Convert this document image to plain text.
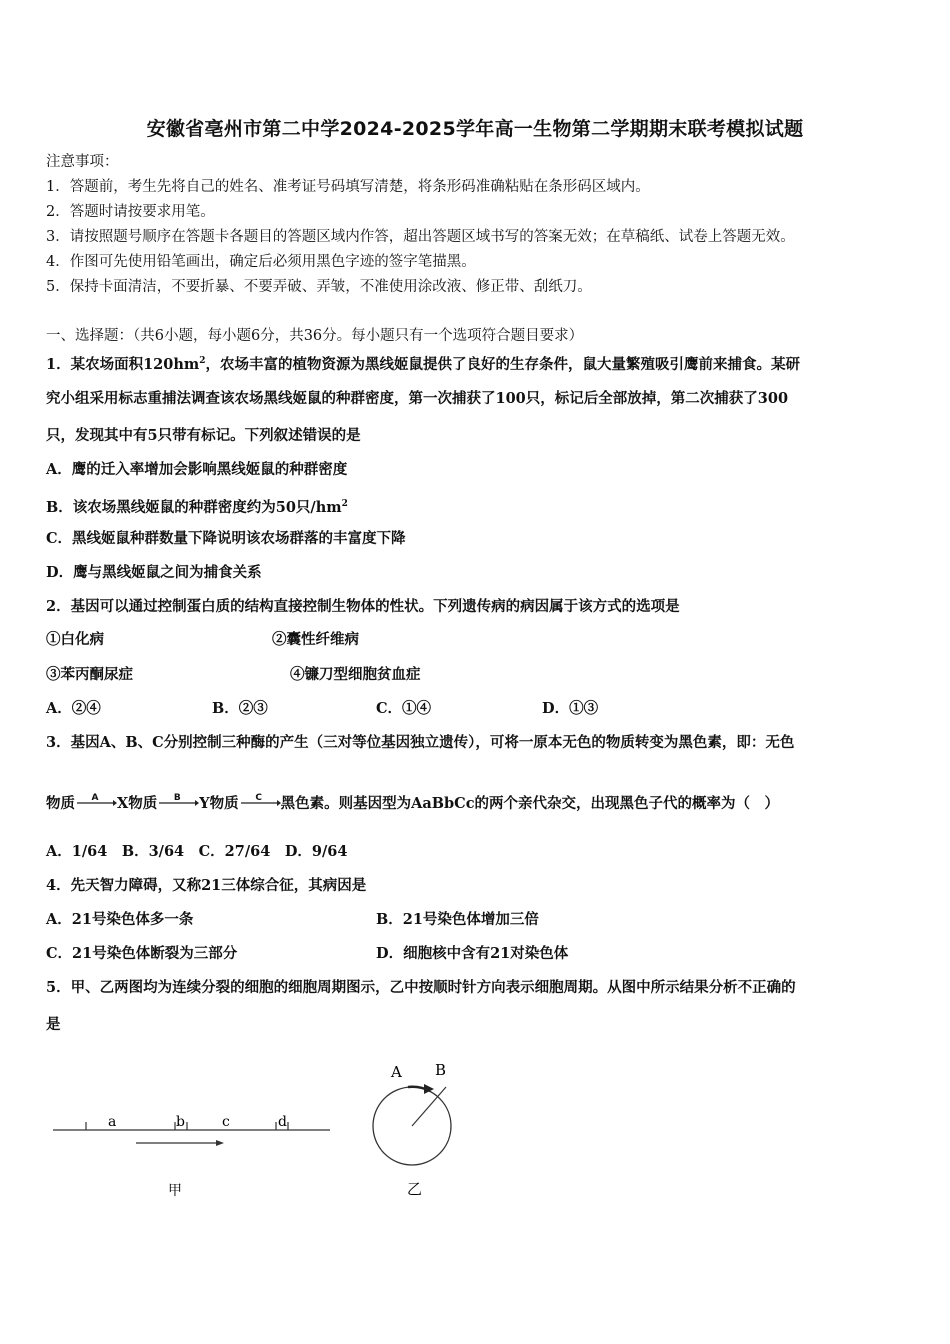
安徽省亳州市第二中学2024-2025学年高一生物第二学期期末联考模拟试题
注意事项：
1．答题前，考生先将自己的姓名、准考证号码填写清楚，将条形码准确粘贴在条形码区域内。
2．答题时请按要求用笔。
3．请按照题号顺序在答题卡各题目的答题区域内作答，超出答题区域书写的答案无效；在草稿纸、试卷上答题无效。
4．作图可先使用铅笔画出，确定后必须用黑色字迹的签字笔描黑。
5．保持卡面清洁，不要折暴、不要弄破、弄皱，不准使用涂改液、修正带、刮纸刀。
一、选择题：（共6小题，每小题6分，共36分。每小题只有一个选项符合题目要求）
1．某农场面积$120hm^2$，农场丰富的植物资源为黑线姬鼠提供了良好的生存条件，鼠大量繁殖吸引鹰前来捕食。某研
究小组采用标志重捕法调查该农场黑线姬鼠的种群密度，第一次捕获了100只，标记后全部放掉，第二次捕获了300
只，发现其中有5只带有标记。下列叙述错误的是
A．鹰的迁入率增加会影响黑线姬鼠的种群密度
B．该农场黑线姬鼠的种群密度约为50只$/hm^2$
C．黑线姬鼠种群数量下降说明该农场群落的丰富度下降
D．鹰与黑线姬鼠之间为捕食关系
2．基因可以通过控制蛋白质的结构直接控制生物体的性状。下列遗传病的病因属于该方式的选项是
①白化病	②囊性纤维病
③苯丙酮尿症	④镰刀型细胞贫血症
A．②④	B．②③	C．①④	D．①③
3．基因A、B、C分别控制三种酶的产生（三对等位基因独立遗传），可将一原本无色的物质转变为黑色素，即：无色
物质	A	X物质	B	Y物质	C	黑色素。则基因型为AaBbCc的两个亲代杂交，出现黑色子代的概率为（　）
A．1/64　B．3/64　C．27/64　D．9/64
4．先天智力障碍，又称21三体综合征，其病因是
A．21号染色体多一条	B．21号染色体增加三倍
C．21号染色体断裂为三部分	D．细胞核中含有21对染色体
5．甲、乙两图均为连续分裂的细胞的细胞周期图示，乙中按顺时针方向表示细胞周期。从图中所示结果分析不正确的
是
a	b	c	d
甲
A B
乙
